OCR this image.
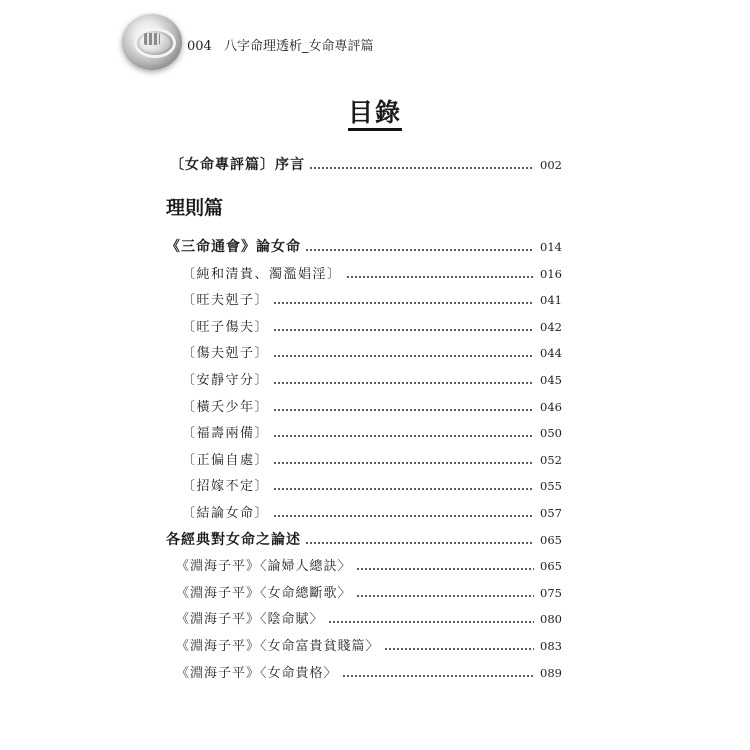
004 八字命理透析_女命專評篇
目錄
〔女命專評篇〕序言	002
理則篇
《三命通會》論女命	014
〔純和清貴、濁濫娼淫〕	016
〔旺夫剋子〕	041
〔旺子傷夫〕	042
〔傷夫剋子〕	044
〔安靜守分〕	045
〔橫夭少年〕	046
〔福壽兩備〕	050
〔正偏自處〕	052
〔招嫁不定〕	055
〔結論女命〕	057
各經典對女命之論述	065
《淵海子平》〈論婦人總訣〉	065
《淵海子平》〈女命總斷歌〉	075
《淵海子平》〈陰命賦〉	080
《淵海子平》〈女命富貴貧賤篇〉	083
《淵海子平》〈女命貴格〉	089
